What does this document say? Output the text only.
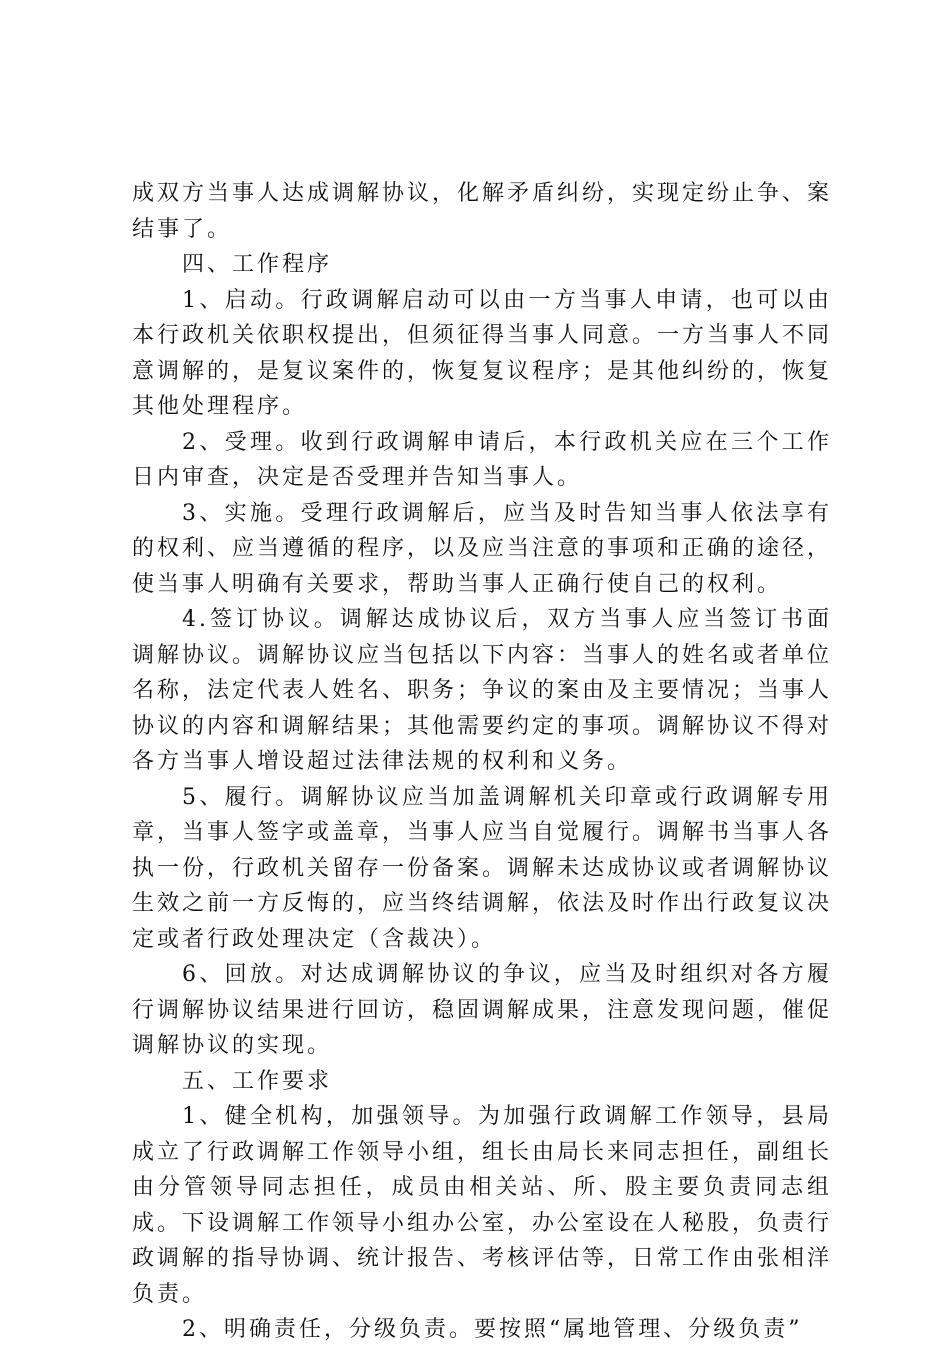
成双方当事人达成调解协议，化解矛盾纠纷，实现定纷止争、案结事了。

四、工作程序

1、启动。行政调解启动可以由一方当事人申请，也可以由本行政机关依职权提出，但须征得当事人同意。一方当事人不同意调解的，是复议案件的，恢复复议程序；是其他纠纷的，恢复其他处理程序。

2、受理。收到行政调解申请后，本行政机关应在三个工作日内审查，决定是否受理并告知当事人。

3、实施。受理行政调解后，应当及时告知当事人依法享有的权利、应当遵循的程序，以及应当注意的事项和正确的途径，使当事人明确有关要求，帮助当事人正确行使自己的权利。

4.签订协议。调解达成协议后，双方当事人应当签订书面调解协议。调解协议应当包括以下内容：当事人的姓名或者单位名称，法定代表人姓名、职务；争议的案由及主要情况；当事人协议的内容和调解结果；其他需要约定的事项。调解协议不得对各方当事人增设超过法律法规的权利和义务。

5、履行。调解协议应当加盖调解机关印章或行政调解专用章，当事人签字或盖章，当事人应当自觉履行。调解书当事人各执一份，行政机关留存一份备案。调解未达成协议或者调解协议生效之前一方反悔的，应当终结调解，依法及时作出行政复议决定或者行政处理决定（含裁决）。

6、回放。对达成调解协议的争议，应当及时组织对各方履行调解协议结果进行回访，稳固调解成果，注意发现问题，催促调解协议的实现。

五、工作要求

1、健全机构，加强领导。为加强行政调解工作领导，县局成立了行政调解工作领导小组，组长由局长来同志担任，副组长由分管领导同志担任，成员由相关站、所、股主要负责同志组成。下设调解工作领导小组办公室，办公室设在人秘股，负责行政调解的指导协调、统计报告、考核评估等，日常工作由张相洋负责。

2、明确责任，分级负责。要按照“属地管理、分级负责”
